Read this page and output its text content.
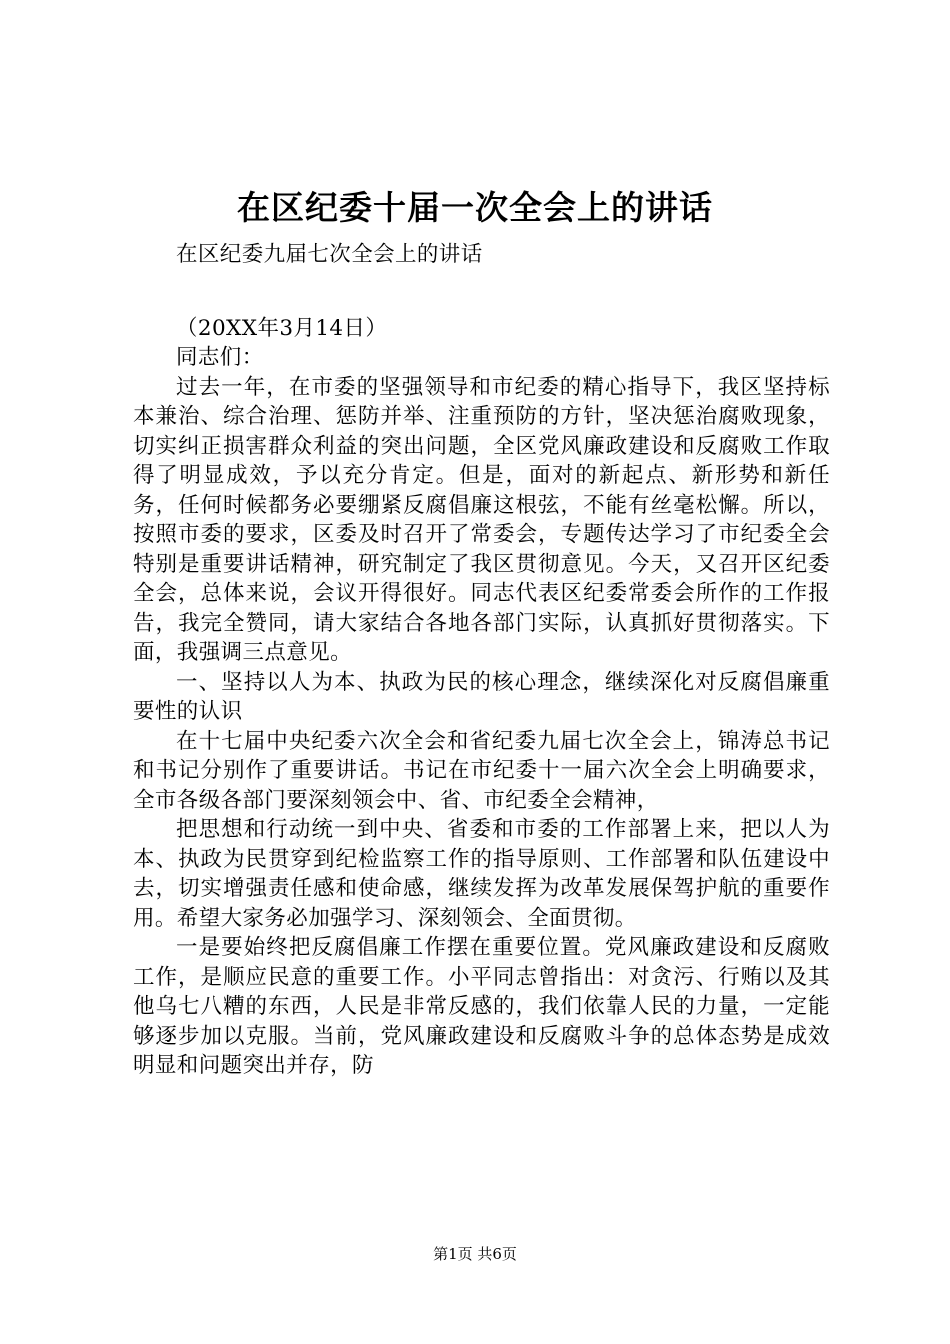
在区纪委十届一次全会上的讲话

在区纪委九届七次全会上的讲话

（20XX年3月14日）

同志们：

过去一年，在市委的坚强领导和市纪委的精心指导下，我区坚持标本兼治、综合治理、惩防并举、注重预防的方针，坚决惩治腐败现象，切实纠正损害群众利益的突出问题，全区党风廉政建设和反腐败工作取得了明显成效，予以充分肯定。但是，面对的新起点、新形势和新任务，任何时候都务必要绷紧反腐倡廉这根弦，不能有丝毫松懈。所以，按照市委的要求，区委及时召开了常委会，专题传达学习了市纪委全会特别是重要讲话精神，研究制定了我区贯彻意见。今天，又召开区纪委全会，总体来说，会议开得很好。同志代表区纪委常委会所作的工作报告，我完全赞同，请大家结合各地各部门实际，认真抓好贯彻落实。下面，我强调三点意见。

一、坚持以人为本、执政为民的核心理念，继续深化对反腐倡廉重要性的认识

在十七届中央纪委六次全会和省纪委九届七次全会上，锦涛总书记和书记分别作了重要讲话。书记在市纪委十一届六次全会上明确要求，全市各级各部门要深刻领会中、省、市纪委全会精神，

把思想和行动统一到中央、省委和市委的工作部署上来，把以人为本、执政为民贯穿到纪检监察工作的指导原则、工作部署和队伍建设中去，切实增强责任感和使命感，继续发挥为改革发展保驾护航的重要作用。希望大家务必加强学习、深刻领会、全面贯彻。

一是要始终把反腐倡廉工作摆在重要位置。党风廉政建设和反腐败工作，是顺应民意的重要工作。小平同志曾指出：对贪污、行贿以及其他乌七八糟的东西，人民是非常反感的，我们依靠人民的力量，一定能够逐步加以克服。当前，党风廉政建设和反腐败斗争的总体态势是成效明显和问题突出并存，防

第1页 共6页
